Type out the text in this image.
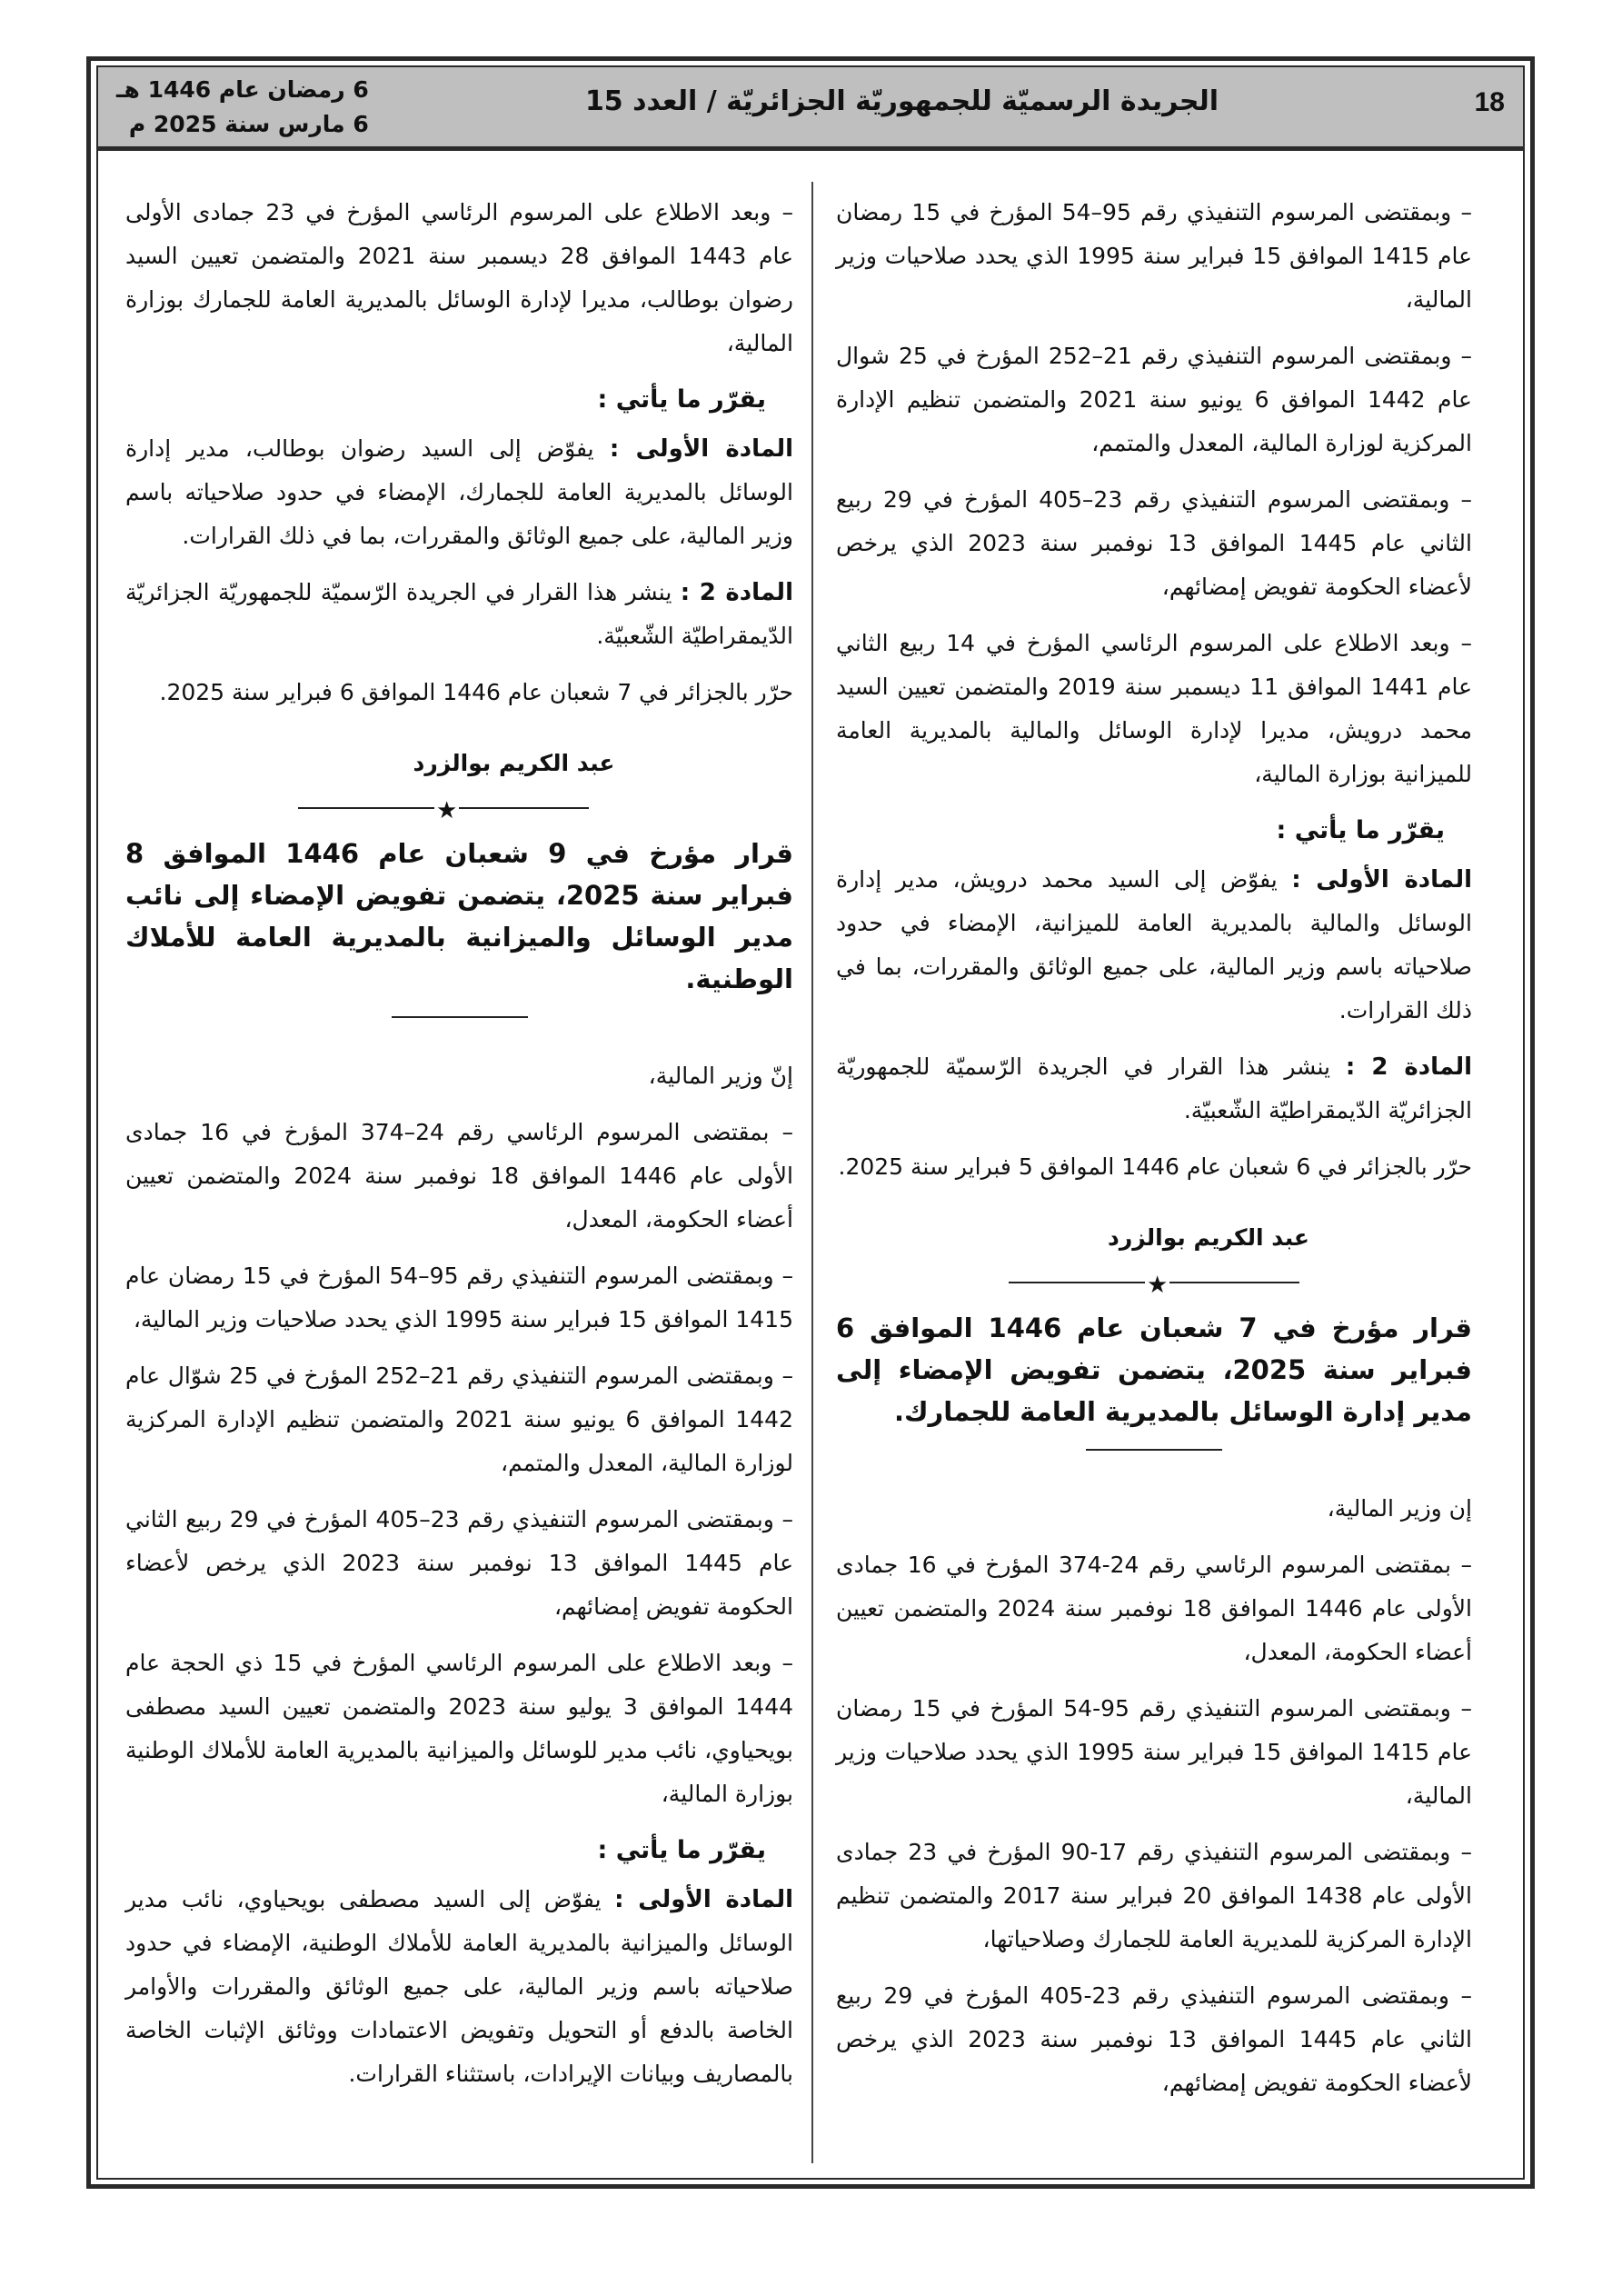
18
الجريدة الرسميّة للجمهوريّة الجزائريّة / العدد 15
6 رمضان عام 1446 هـ
6 مارس سنة 2025 م

– وبمقتضى المرسوم التنفيذي رقم 95–54 المؤرخ في 15 رمضان عام 1415 الموافق 15 فبراير سنة 1995 الذي يحدد صلاحيات وزير المالية،

– وبمقتضى المرسوم التنفيذي رقم 21–252 المؤرخ في 25 شوال عام 1442 الموافق 6 يونيو سنة 2021 والمتضمن تنظيم الإدارة المركزية لوزارة المالية، المعدل والمتمم،

– وبمقتضى المرسوم التنفيذي رقم 23–405 المؤرخ في 29 ربيع الثاني عام 1445 الموافق 13 نوفمبر سنة 2023 الذي يرخص لأعضاء الحكومة تفويض إمضائهم،

– وبعد الاطلاع على المرسوم الرئاسي المؤرخ في 14 ربيع الثاني عام 1441 الموافق 11 ديسمبر سنة 2019 والمتضمن تعيين السيد محمد درويش، مديرا لإدارة الوسائل والمالية بالمديرية العامة للميزانية بوزارة المالية،

يقرّر ما يأتي :

المادة الأولى : يفوّض إلى السيد محمد درويش، مدير إدارة الوسائل والمالية بالمديرية العامة للميزانية، الإمضاء في حدود صلاحياته باسم وزير المالية، على جميع الوثائق والمقررات، بما في ذلك القرارات.

المادة 2 : ينشر هذا القرار في الجريدة الرّسميّة للجمهوريّة الجزائريّة الدّيمقراطيّة الشّعبيّة.

حرّر بالجزائر في 6 شعبان عام 1446 الموافق 5 فبراير سنة 2025.

عبد الكريم بوالزرد
★
قرار مؤرخ في 7 شعبان عام 1446 الموافق 6 فبراير سنة 2025، يتضمن تفويض الإمضاء إلى مدير إدارة الوسائل بالمديرية العامة للجمارك.

إن وزير المالية،

– بمقتضى المرسوم الرئاسي رقم 24-374 المؤرخ في 16 جمادى الأولى عام 1446 الموافق 18 نوفمبر سنة 2024 والمتضمن تعيين أعضاء الحكومة، المعدل،

– وبمقتضى المرسوم التنفيذي رقم 95-54 المؤرخ في 15 رمضان عام 1415 الموافق 15 فبراير سنة 1995 الذي يحدد صلاحيات وزير المالية،

– وبمقتضى المرسوم التنفيذي رقم 17-90 المؤرخ في 23 جمادى الأولى عام 1438 الموافق 20 فبراير سنة 2017 والمتضمن تنظيم الإدارة المركزية للمديرية العامة للجمارك وصلاحياتها،

– وبمقتضى المرسوم التنفيذي رقم 23-405 المؤرخ في 29 ربيع الثاني عام 1445 الموافق 13 نوفمبر سنة 2023 الذي يرخص لأعضاء الحكومة تفويض إمضائهم،

– وبعد الاطلاع على المرسوم الرئاسي المؤرخ في 23 جمادى الأولى عام 1443 الموافق 28 ديسمبر سنة 2021 والمتضمن تعيين السيد رضوان بوطالب، مديرا لإدارة الوسائل بالمديرية العامة للجمارك بوزارة المالية،

يقرّر ما يأتي :

المادة الأولى : يفوّض إلى السيد رضوان بوطالب، مدير إدارة الوسائل بالمديرية العامة للجمارك، الإمضاء في حدود صلاحياته باسم وزير المالية، على جميع الوثائق والمقررات، بما في ذلك القرارات.

المادة 2 : ينشر هذا القرار في الجريدة الرّسميّة للجمهوريّة الجزائريّة الدّيمقراطيّة الشّعبيّة.

حرّر بالجزائر في 7 شعبان عام 1446 الموافق 6 فبراير سنة 2025.

عبد الكريم بوالزرد
★
قرار مؤرخ في 9 شعبان عام 1446 الموافق 8 فبراير سنة 2025، يتضمن تفويض الإمضاء إلى نائب مدير الوسائل والميزانية بالمديرية العامة للأملاك الوطنية.

إنّ وزير المالية،

– بمقتضى المرسوم الرئاسي رقم 24–374 المؤرخ في 16 جمادى الأولى عام 1446 الموافق 18 نوفمبر سنة 2024 والمتضمن تعيين أعضاء الحكومة، المعدل،

– وبمقتضى المرسوم التنفيذي رقم 95–54 المؤرخ في 15 رمضان عام 1415 الموافق 15 فبراير سنة 1995 الذي يحدد صلاحيات وزير المالية،

– وبمقتضى المرسوم التنفيذي رقم 21–252 المؤرخ في 25 شوّال عام 1442 الموافق 6 يونيو سنة 2021 والمتضمن تنظيم الإدارة المركزية لوزارة المالية، المعدل والمتمم،

– وبمقتضى المرسوم التنفيذي رقم 23–405 المؤرخ في 29 ربيع الثاني عام 1445 الموافق 13 نوفمبر سنة 2023 الذي يرخص لأعضاء الحكومة تفويض إمضائهم،

– وبعد الاطلاع على المرسوم الرئاسي المؤرخ في 15 ذي الحجة عام 1444 الموافق 3 يوليو سنة 2023 والمتضمن تعيين السيد مصطفى بويحياوي، نائب مدير للوسائل والميزانية بالمديرية العامة للأملاك الوطنية بوزارة المالية،

يقرّر ما يأتي :

المادة الأولى : يفوّض إلى السيد مصطفى بويحياوي، نائب مدير الوسائل والميزانية بالمديرية العامة للأملاك الوطنية، الإمضاء في حدود صلاحياته باسم وزير المالية، على جميع الوثائق والمقررات والأوامر الخاصة بالدفع أو التحويل وتفويض الاعتمادات ووثائق الإثبات الخاصة بالمصاريف وبيانات الإيرادات، باستثناء القرارات.
